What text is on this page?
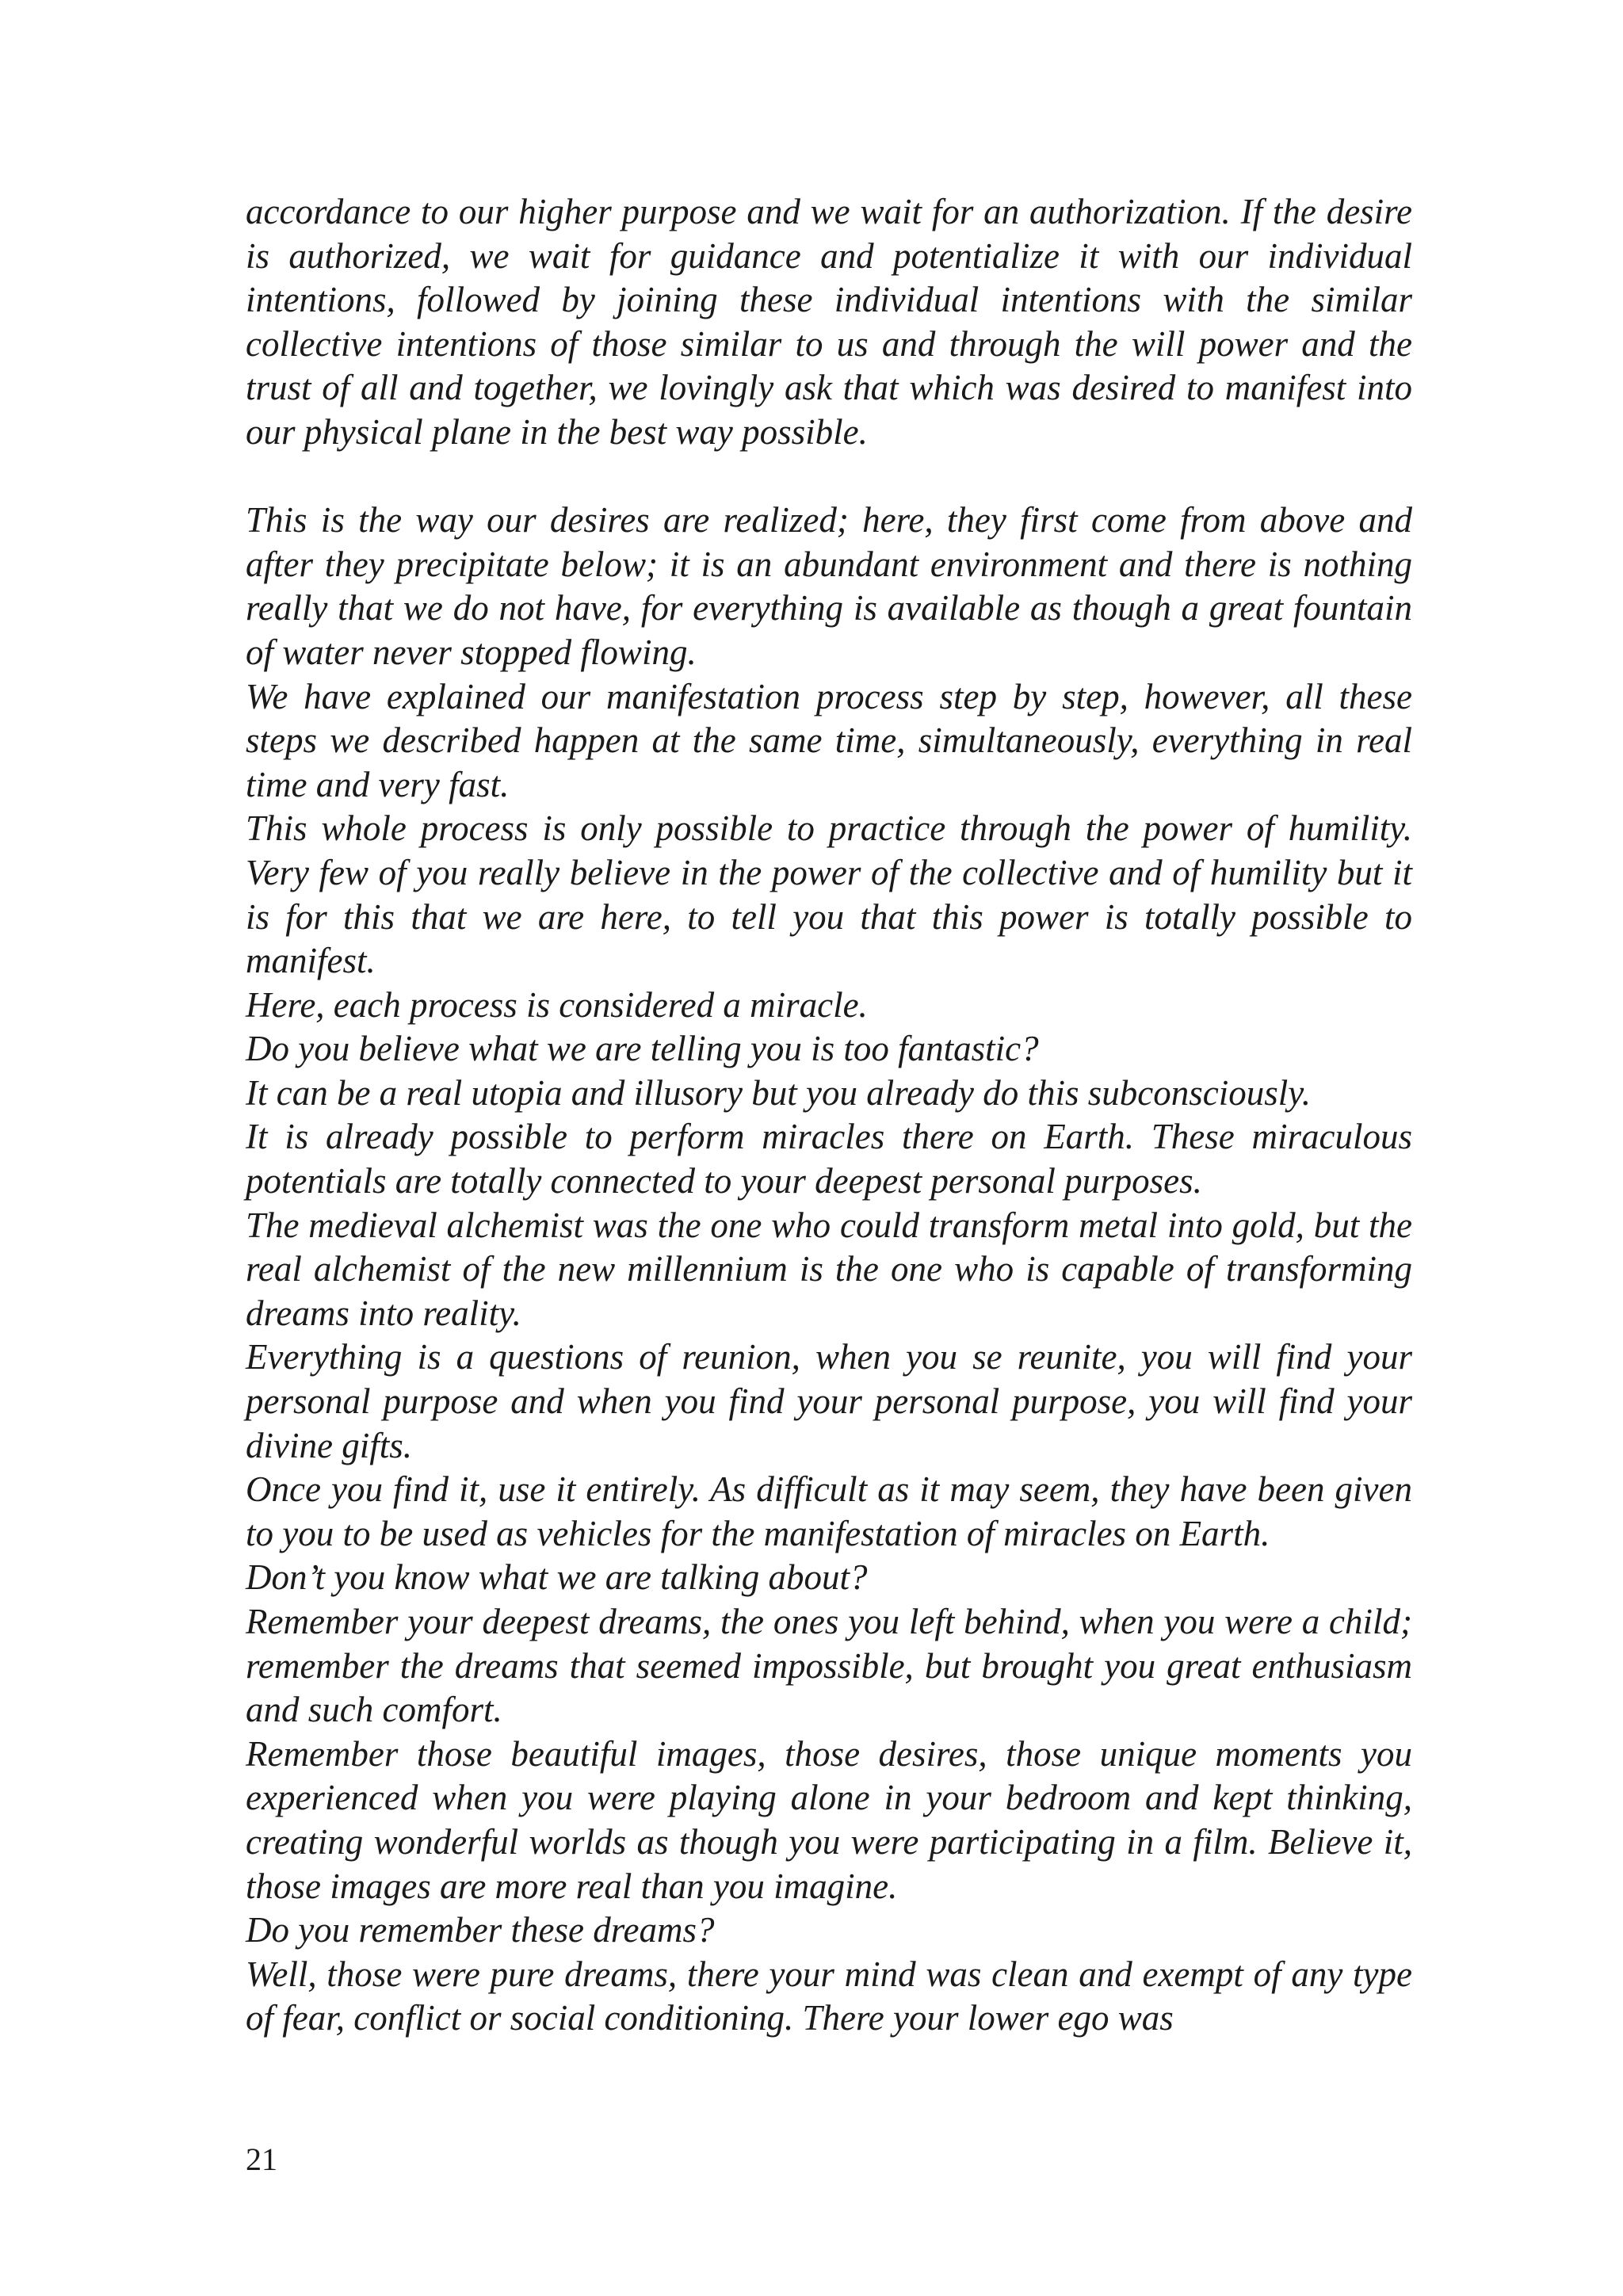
accordance to our higher purpose and we wait for an authorization. If the desire is authorized, we wait for guidance and potentialize it with our individual intentions, followed by joining these individual intentions with the similar collective intentions of those similar to us and through the will power and the trust of all and together, we lovingly ask that which was desired to manifest into our physical plane in the best way possible.

This is the way our desires are realized; here, they first come from above and after they precipitate below; it is an abundant environment and there is nothing really that we do not have, for everything is available as though a great fountain of water never stopped flowing.

We have explained our manifestation process step by step, however, all these steps we described happen at the same time, simultaneously, everything in real time and very fast.

This whole process is only possible to practice through the power of humility. Very few of you really believe in the power of the collective and of humility but it is for this that we are here, to tell you that this power is totally possible to manifest.

Here, each process is considered a miracle.

Do you believe what we are telling you is too fantastic?

It can be a real utopia and illusory but you already do this subconsciously.

It is already possible to perform miracles there on Earth. These miraculous potentials are totally connected to your deepest personal purposes.

The medieval alchemist was the one who could transform metal into gold, but the real alchemist of the new millennium is the one who is capable of transforming dreams into reality.

Everything is a questions of reunion, when you se reunite, you will find your personal purpose and when you find your personal purpose, you will find your divine gifts.

Once you find it, use it entirely. As difficult as it may seem, they have been given to you to be used as vehicles for the manifestation of miracles on Earth.

Don’t you know what we are talking about?

Remember your deepest dreams, the ones you left behind, when you were a child; remember the dreams that seemed impossible, but brought you great enthusiasm and such comfort.

Remember those beautiful images, those desires, those unique moments you experienced when you were playing alone in your bedroom and kept thinking, creating wonderful worlds as though you were participating in a film. Believe it, those images are more real than you imagine.

Do you remember these dreams?

Well, those were pure dreams, there your mind was clean and exempt of any type of fear, conflict or social conditioning. There your lower ego was

21
